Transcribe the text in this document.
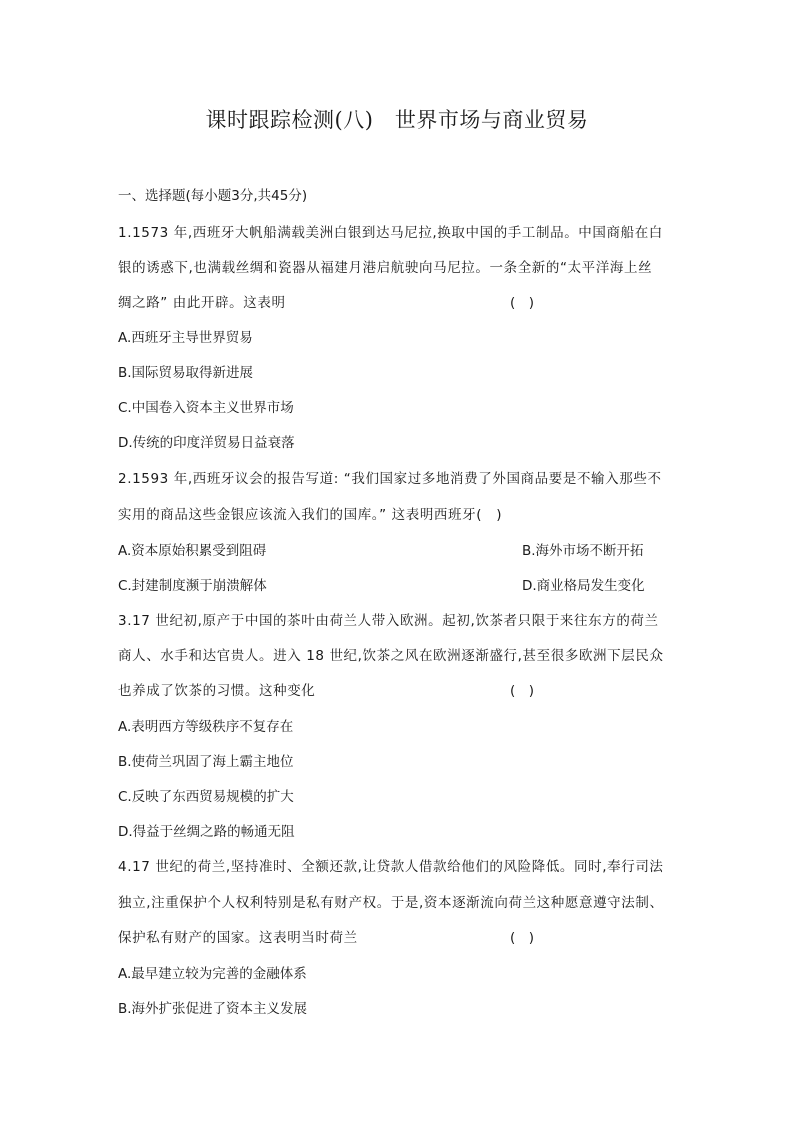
课时跟踪检测(八)　世界市场与商业贸易
一、选择题(每小题3分,共45分)
1.1573 年,西班牙大帆船满载美洲白银到达马尼拉,换取中国的手工制品。中国商船在白
银的诱惑下,也满载丝绸和瓷器从福建月港启航驶向马尼拉。一条全新的“太平洋海上丝
绸之路” 由此开辟。这表明	(　)
A.西班牙主导世界贸易
B.国际贸易取得新进展
C.中国卷入资本主义世界市场
D.传统的印度洋贸易日益衰落
2.1593 年,西班牙议会的报告写道: “我们国家过多地消费了外国商品要是不输入那些不
实用的商品这些金银应该流入我们的国库。” 这表明西班牙(　)
A.资本原始积累受到阻碍	B.海外市场不断开拓
C.封建制度濒于崩溃解体	D.商业格局发生变化
3.17 世纪初,原产于中国的茶叶由荷兰人带入欧洲。起初,饮茶者只限于来往东方的荷兰
商人、水手和达官贵人。进入 18 世纪,饮茶之风在欧洲逐渐盛行,甚至很多欧洲下层民众
也养成了饮茶的习惯。这种变化	(　)
A.表明西方等级秩序不复存在
B.使荷兰巩固了海上霸主地位
C.反映了东西贸易规模的扩大
D.得益于丝绸之路的畅通无阻
4.17 世纪的荷兰,坚持准时、全额还款,让贷款人借款给他们的风险降低。同时,奉行司法
独立,注重保护个人权利特别是私有财产权。于是,资本逐渐流向荷兰这种愿意遵守法制、
保护私有财产的国家。这表明当时荷兰	(　)
A.最早建立较为完善的金融体系
B.海外扩张促进了资本主义发展
